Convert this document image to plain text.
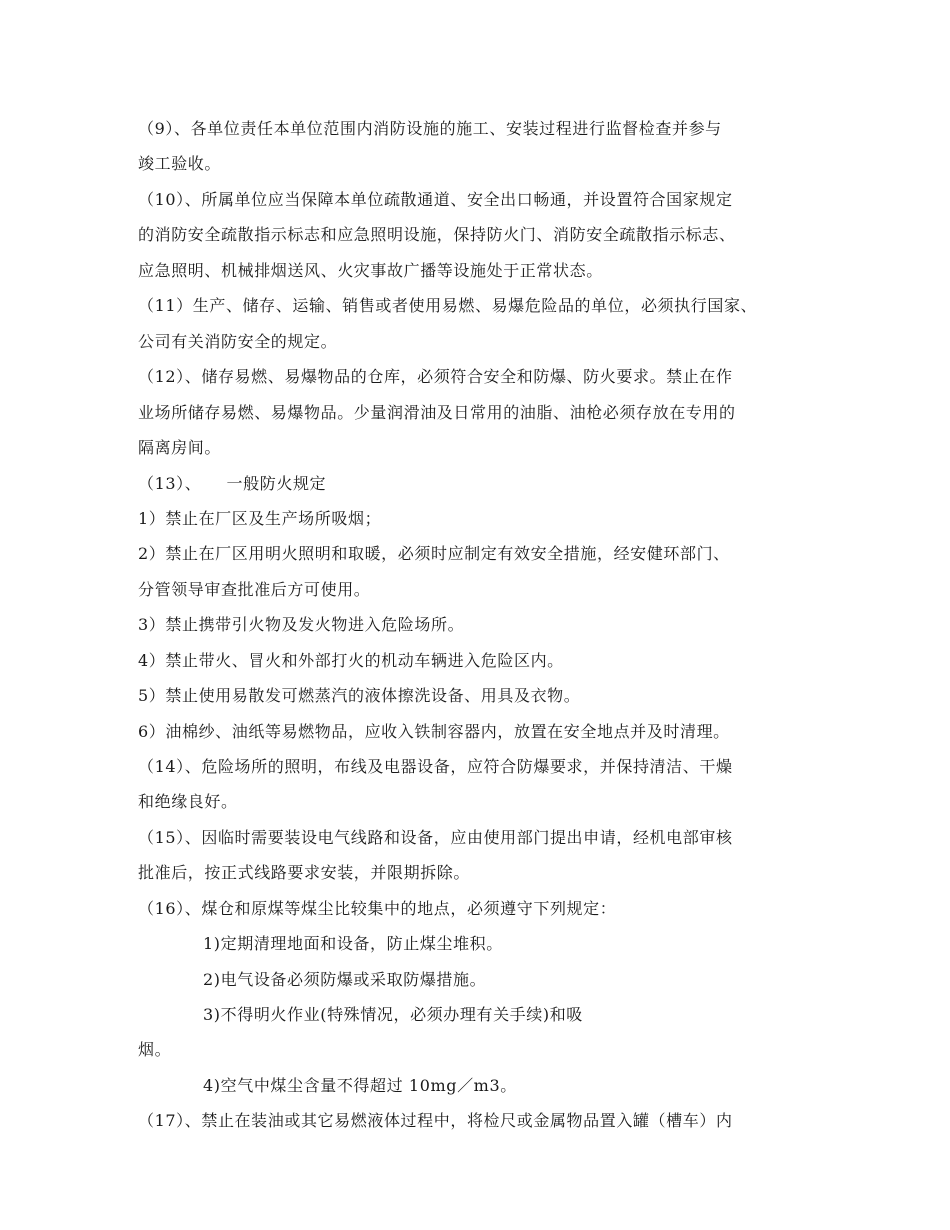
（9）、各单位责任本单位范围内消防设施的施工、安装过程进行监督检查并参与
竣工验收。
（10）、所属单位应当保障本单位疏散通道、安全出口畅通，并设置符合国家规定
的消防安全疏散指示标志和应急照明设施，保持防火门、消防安全疏散指示标志、
应急照明、机械排烟送风、火灾事故广播等设施处于正常状态。
（11）生产、储存、运输、销售或者使用易燃、易爆危险品的单位，必须执行国家、
公司有关消防安全的规定。
（12）、储存易燃、易爆物品的仓库，必须符合安全和防爆、防火要求。禁止在作
业场所储存易燃、易爆物品。少量润滑油及日常用的油脂、油枪必须存放在专用的
隔离房间。
（13）、　　一般防火规定
1）禁止在厂区及生产场所吸烟；
2）禁止在厂区用明火照明和取暖，必须时应制定有效安全措施，经安健环部门、
分管领导审查批准后方可使用。
3）禁止携带引火物及发火物进入危险场所。
4）禁止带火、冒火和外部打火的机动车辆进入危险区内。
5）禁止使用易散发可燃蒸汽的液体擦洗设备、用具及衣物。
6）油棉纱、油纸等易燃物品，应收入铁制容器内，放置在安全地点并及时清理。
（14）、危险场所的照明，布线及电器设备，应符合防爆要求，并保持清洁、干燥
和绝缘良好。
（15）、因临时需要装设电气线路和设备，应由使用部门提出申请，经机电部审核
批准后，按正式线路要求安装，并限期拆除。
（16）、煤仓和原煤等煤尘比较集中的地点，必须遵守下列规定：
1)定期清理地面和设备，防止煤尘堆积。
2)电气设备必须防爆或采取防爆措施。
3)不得明火作业(特殊情况，必须办理有关手续)和吸
烟。
4)空气中煤尘含量不得超过 10mg／m3。
（17）、禁止在装油或其它易燃液体过程中，将检尺或金属物品置入罐（槽车）内
